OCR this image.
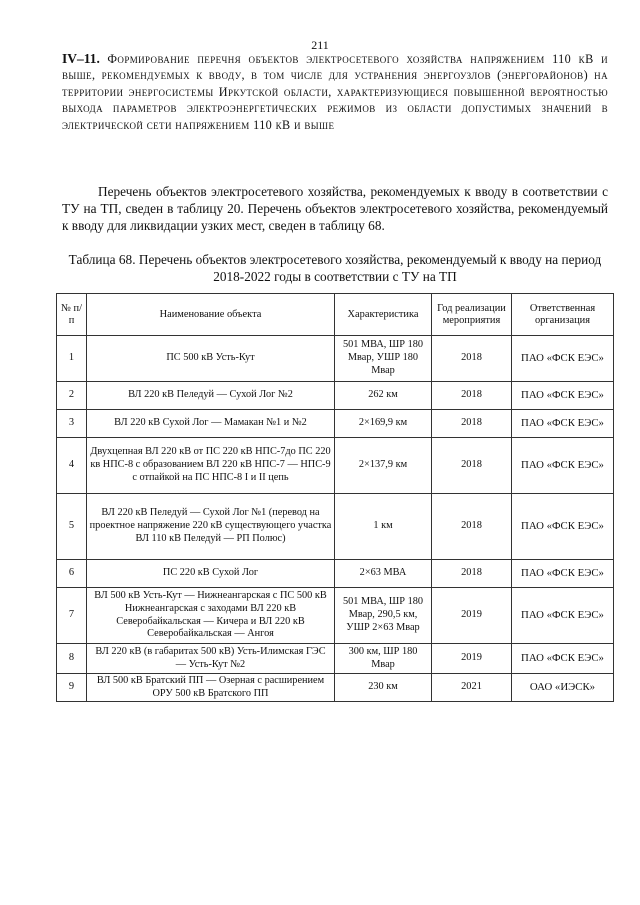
211

IV–11. Формирование перечня объектов электросетевого хозяйства напряжением 110 кВ и выше, рекомендуемых к вводу, в том числе для устранения энергоузлов (энергорайонов) на территории энергосистемы Иркутской области, характеризующиеся повышенной вероятностью выхода параметров электроэнергетических режимов из области допустимых значений в электрической сети напряжением 110 кВ и выше

Перечень объектов электросетевого хозяйства, рекомендуемых к вводу в соответствии с ТУ на ТП, сведен в таблицу 20. Перечень объектов электросетевого хозяйства, рекомендуемый к вводу для ликвидации узких мест, сведен в таблицу 68.

Таблица 68. Перечень объектов электросетевого хозяйства, рекомендуемый к вводу на период 2018-2022 годы в соответствии с ТУ на ТП

№ п/п	Наименование объекта	Характеристика	Год реализации мероприятия	Ответственная организация
1	ПС 500 кВ Усть-Кут	501 МВА, ШР 180 Мвар, УШР 180 Мвар	2018	ПАО «ФСК ЕЭС»
2	ВЛ 220 кВ Пеледуй — Сухой Лог №2	262 км	2018	ПАО «ФСК ЕЭС»
3	ВЛ 220 кВ Сухой Лог — Мамакан №1 и №2	2×169,9 км	2018	ПАО «ФСК ЕЭС»
4	Двухцепная ВЛ 220 кВ от ПС 220 кВ НПС-7до ПС 220 кв НПС-8 с образованием ВЛ 220 кВ НПС-7 — НПС-9 с отпайкой на ПС НПС-8 I и II цепь	2×137,9 км	2018	ПАО «ФСК ЕЭС»
5	ВЛ 220 кВ Пеледуй — Сухой Лог №1 (перевод на проектное напряжение 220 кВ существующего участка ВЛ 110 кВ Пеледуй — РП Полюс)	1 км	2018	ПАО «ФСК ЕЭС»
6	ПС 220 кВ Сухой Лог	2×63 МВА	2018	ПАО «ФСК ЕЭС»
7	ВЛ 500 кВ Усть-Кут — Нижнеангарская с ПС 500 кВ Нижнеангарская с заходами ВЛ 220 кВ Северобайкальская — Кичера и ВЛ 220 кВ Северобайкальская — Ангоя	501 МВА, ШР 180 Мвар, 290,5 км, УШР 2×63 Мвар	2019	ПАО «ФСК ЕЭС»
8	ВЛ 220 кВ (в габаритах 500 кВ) Усть-Илимская ГЭС — Усть-Кут №2	300 км, ШР 180 Мвар	2019	ПАО «ФСК ЕЭС»
9	ВЛ 500 кВ Братский ПП — Озерная с расширением ОРУ 500 кВ Братского ПП	230 км	2021	ОАО «ИЭСК»
